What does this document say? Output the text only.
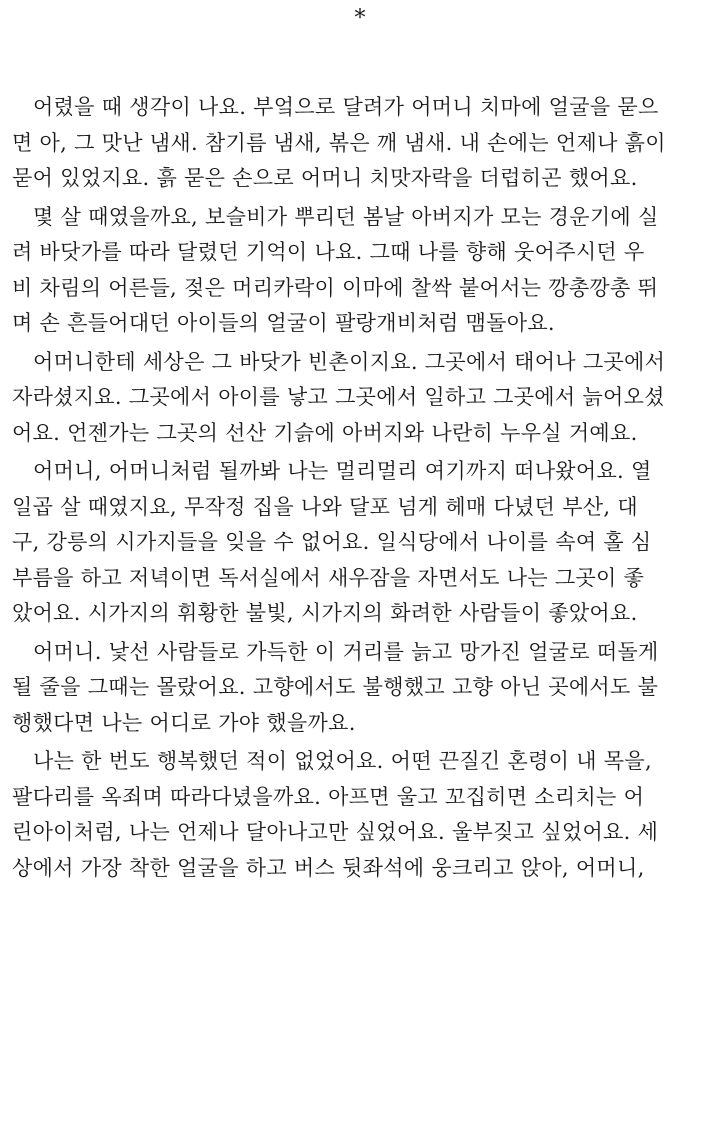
*
어렸을 때 생각이 나요. 부엌으로 달려가 어머니 치마에 얼굴을 묻으
면 아, 그 맛난 냄새. 참기름 냄새, 볶은 깨 냄새. 내 손에는 언제나 흙이
묻어 있었지요. 흙 묻은 손으로 어머니 치맛자락을 더럽히곤 했어요.
몇 살 때였을까요, 보슬비가 뿌리던 봄날 아버지가 모는 경운기에 실
려 바닷가를 따라 달렸던 기억이 나요. 그때 나를 향해 웃어주시던 우
비 차림의 어른들, 젖은 머리카락이 이마에 찰싹 붙어서는 깡총깡총 뛰
며 손 흔들어대던 아이들의 얼굴이 팔랑개비처럼 맴돌아요.
어머니한테 세상은 그 바닷가 빈촌이지요. 그곳에서 태어나 그곳에서
자라셨지요. 그곳에서 아이를 낳고 그곳에서 일하고 그곳에서 늙어오셨
어요. 언젠가는 그곳의 선산 기슭에 아버지와 나란히 누우실 거예요.
어머니, 어머니처럼 될까봐 나는 멀리멀리 여기까지 떠나왔어요. 열
일곱 살 때였지요, 무작정 집을 나와 달포 넘게 헤매 다녔던 부산, 대
구, 강릉의 시가지들을 잊을 수 없어요. 일식당에서 나이를 속여 홀 심
부름을 하고 저녁이면 독서실에서 새우잠을 자면서도 나는 그곳이 좋
았어요. 시가지의 휘황한 불빛, 시가지의 화려한 사람들이 좋았어요.
어머니. 낯선 사람들로 가득한 이 거리를 늙고 망가진 얼굴로 떠돌게
될 줄을 그때는 몰랐어요. 고향에서도 불행했고 고향 아닌 곳에서도 불
행했다면 나는 어디로 가야 했을까요.
나는 한 번도 행복했던 적이 없었어요. 어떤 끈질긴 혼령이 내 목을,
팔다리를 옥죄며 따라다녔을까요. 아프면 울고 꼬집히면 소리치는 어
린아이처럼, 나는 언제나 달아나고만 싶었어요. 울부짖고 싶었어요. 세
상에서 가장 착한 얼굴을 하고 버스 뒷좌석에 웅크리고 앉아, 어머니,
